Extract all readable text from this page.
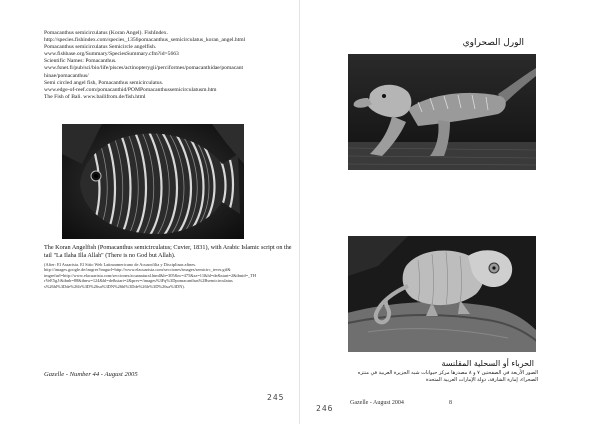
Pomacanthus semicirculatus (Koran Angel). FishIndex.
http://species.fishindex.com/species_1356pomacanthus_semicirculatus_koran_angel.html
Pomacanthus semicirculatus Semicircle angelfish.
www.fishbase.org/Summary/SpeciesSummary.cfm?id=5663
Scientific Names: Pomacanthus.
www.fsnet.fi/pub/sci/bio/life/pisces/actinopterygii/perciformes/pomacanthidae/pomacant
hinae/pomacanthus/
Semi circled angel fish, Pomacanthus semicirculatus.
www.edge-of-reef.com/pomacanthid/POMPomacanthussemicirculatusm.htm
The Fish of Bali. www.bailifrom.de/fish.html
The Koran Angelfish (Pomacanthus semicirculatus; Cuvier, 1831), with Arabic Islamic script on the tail "La Ilaha Illa Allah" (There is no God but Allah).
(After: El Assarisia. El Sitio Web Latinoamericano de Acuarofilia y Disciplinas afines.
http://images.google.de/imgres?imgurl=http://www.elacuarista.com/secciones/images/semicirc_tever.gif&
imgrefurl=http://www.elacuarista.com/secciones/acuanatural.html&h=305&w=475&sz=11&hl=de&start=2&tbnid=_TH
rVeE5gJ:&tbnh=88&tbnw=124&hl=de&start=2&prev=/images%3Fq%3Dpomacanthus%2Bsemicirculatus
s%26hl%3Dde%26lr%3D%26sa%3DN%26hl%3Dde%26lr%3D%26sa%3DN).
Gazelle - Number 44 - August 2005
245
الورل الصحراوي
الحرباء أو السحلية المقلنسة
الصور الأربعة في الصفحتين ٧ و ٨ مصدرها مركز حيوانات شبه الجزيرة العربية في منتزه الصحراء، إمارة الشارقة، دولة الإمارات العربية المتحدة
246
Gazelle - August 2004	8
